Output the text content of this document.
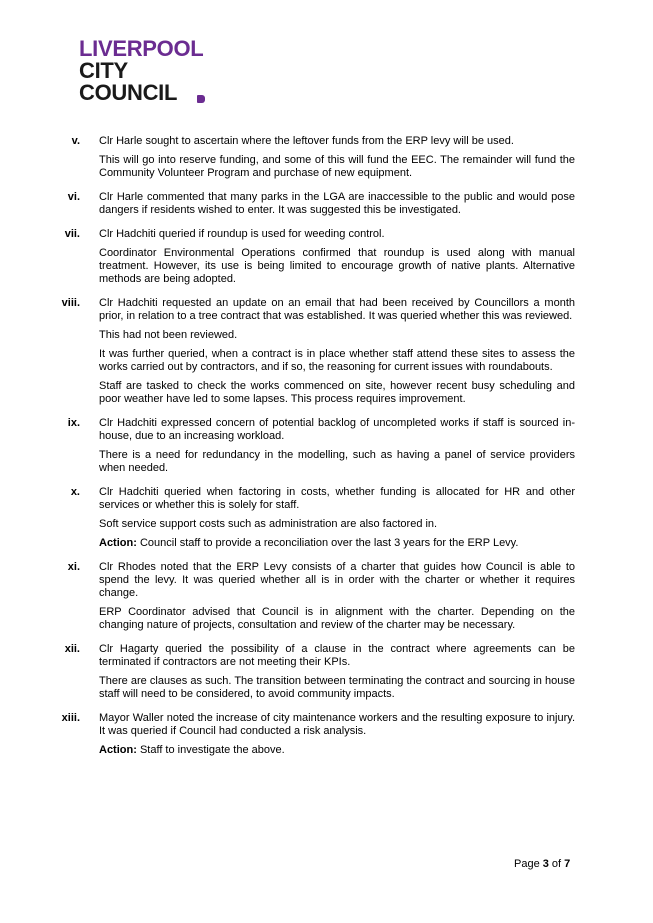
LIVERPOOL
CITY
COUNCIL
v. Clr Harle sought to ascertain where the leftover funds from the ERP levy will be used.
This will go into reserve funding, and some of this will fund the EEC. The remainder will fund the Community Volunteer Program and purchase of new equipment.
vi. Clr Harle commented that many parks in the LGA are inaccessible to the public and would pose dangers if residents wished to enter. It was suggested this be investigated.
vii. Clr Hadchiti queried if roundup is used for weeding control.
Coordinator Environmental Operations confirmed that roundup is used along with manual treatment. However, its use is being limited to encourage growth of native plants. Alternative methods are being adopted.
viii. Clr Hadchiti requested an update on an email that had been received by Councillors a month prior, in relation to a tree contract that was established. It was queried whether this was reviewed.
This had not been reviewed.
It was further queried, when a contract is in place whether staff attend these sites to assess the works carried out by contractors, and if so, the reasoning for current issues with roundabouts.
Staff are tasked to check the works commenced on site, however recent busy scheduling and poor weather have led to some lapses. This process requires improvement.
ix. Clr Hadchiti expressed concern of potential backlog of uncompleted works if staff is sourced in-house, due to an increasing workload.
There is a need for redundancy in the modelling, such as having a panel of service providers when needed.
x. Clr Hadchiti queried when factoring in costs, whether funding is allocated for HR and other services or whether this is solely for staff.
Soft service support costs such as administration are also factored in.
Action: Council staff to provide a reconciliation over the last 3 years for the ERP Levy.
xi. Clr Rhodes noted that the ERP Levy consists of a charter that guides how Council is able to spend the levy. It was queried whether all is in order with the charter or whether it requires change.
ERP Coordinator advised that Council is in alignment with the charter. Depending on the changing nature of projects, consultation and review of the charter may be necessary.
xii. Clr Hagarty queried the possibility of a clause in the contract where agreements can be terminated if contractors are not meeting their KPIs.
There are clauses as such. The transition between terminating the contract and sourcing in house staff will need to be considered, to avoid community impacts.
xiii. Mayor Waller noted the increase of city maintenance workers and the resulting exposure to injury. It was queried if Council had conducted a risk analysis.
Action: Staff to investigate the above.
Page 3 of 7
